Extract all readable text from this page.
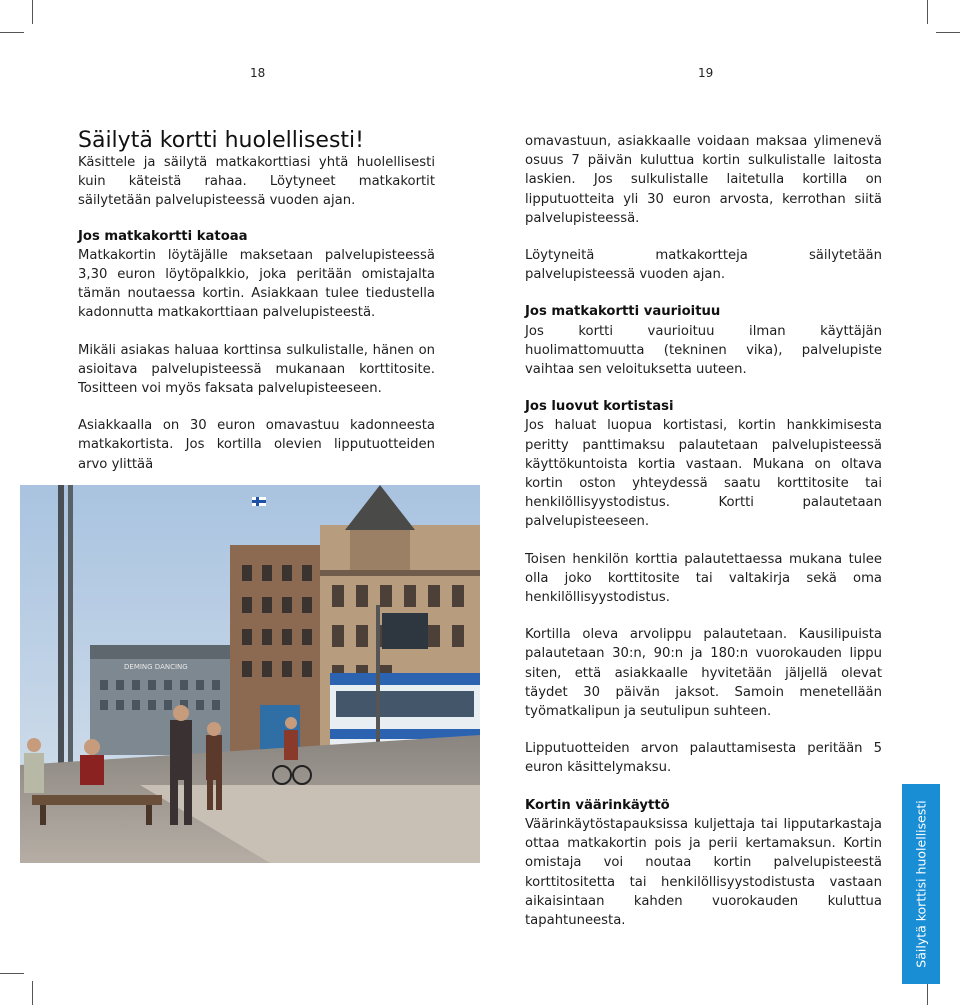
18	19
Säilytä kortti huolellisesti!

Käsittele ja säilytä matkakorttiasi yhtä huolellisesti kuin käteistä rahaa. Löytyneet matkakortit säilytetään palvelupisteessä vuoden ajan.

Jos matkakortti katoaa
Matkakortin löytäjälle maksetaan palvelupisteessä 3,30 euron löytöpalkkio, joka peritään omistajalta tämän noutaessa kortin. Asiakkaan tulee tiedustella kadonnutta matkakorttiaan palvelupisteestä.

Mikäli asiakas haluaa korttinsa sulkulistalle, hänen on asioitava palvelupisteessä mukanaan korttitosite. Tositteen voi myös faksata palvelupisteeseen.

Asiakkaalla on 30 euron omavastuu kadonneesta matkakortista. Jos kortilla olevien lipputuotteiden arvo ylittää

DEMING DANCING

omavastuun, asiakkaalle voidaan maksaa ylimenevä osuus 7 päivän kuluttua kortin sulkulistalle laitosta laskien. Jos sulkulistalle laitetulla kortilla on lipputuotteita yli 30 euron arvosta, kerrothan siitä palvelupisteessä.

Löytyneitä matkakortteja säilytetään palvelupisteessä vuoden ajan.

Jos matkakortti vaurioituu
Jos kortti vaurioituu ilman käyttäjän huolimattomuutta (tekninen vika), palvelupiste vaihtaa sen veloituksetta uuteen.

Jos luovut kortistasi
Jos haluat luopua kortistasi, kortin hankkimisesta peritty panttimaksu palautetaan palvelupisteessä käyttökuntoista kortia vastaan. Mukana on oltava kortin oston yhteydessä saatu korttitosite tai henkilöllisyystodistus. Kortti palautetaan palvelupisteeseen.

Toisen henkilön korttia palautettaessa mukana tulee olla joko korttitosite tai valtakirja sekä oma henkilöllisyystodistus.

Kortilla oleva arvolippu palautetaan. Kausilipuista palautetaan 30:n, 90:n ja 180:n vuorokauden lippu siten, että asiakkaalle hyvitetään jäljellä olevat täydet 30 päivän jaksot. Samoin menetellään työmatkalipun ja seutulipun suhteen.

Lipputuotteiden arvon palauttamisesta peritään 5 euron käsittelymaksu.

Kortin väärinkäyttö
Väärinkäytöstapauksissa kuljettaja tai lipputarkastaja ottaa matkakortin pois ja perii kertamaksun. Kortin omistaja voi noutaa kortin palvelupisteestä korttitositetta tai henkilöllisyystodistusta vastaan aikaisintaan kahden vuorokauden kuluttua tapahtuneesta.	Säilytä korttisi huolellisesti
